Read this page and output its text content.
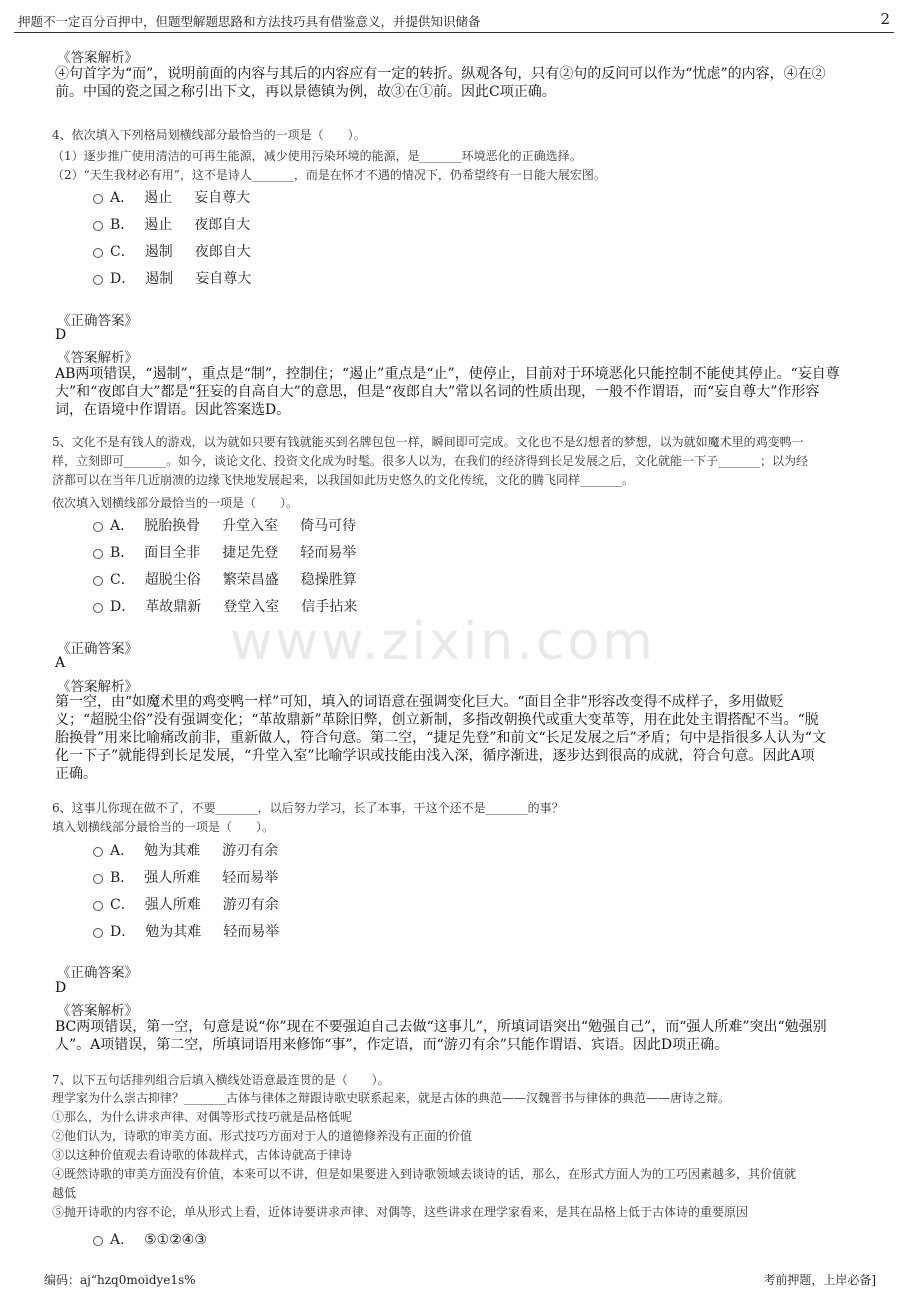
押题不一定百分百押中，但题型解题思路和方法技巧具有借鉴意义，并提供知识储备	2
www.zixin.com
《答案解析》
④句首字为“而”，说明前面的内容与其后的内容应有一定的转折。纵观各句，只有②句的反问可以作为“忧虑”的内容，④在②
前。中国的瓷之国之称引出下文，再以景德镇为例，故③在①前。因此C项正确。
4、依次填入下列格局划横线部分最恰当的一项是（　　）。
（1）逐步推广使用清洁的可再生能源，减少使用污染环境的能源，是_______环境恶化的正确选择。
（2）“天生我材必有用”，这不是诗人_______，而是在怀才不遇的情况下，仍希望终有一日能大展宏图。
A． 遏止 妄自尊大
B． 遏止 夜郎自大
C． 遏制 夜郎自大
D． 遏制 妄自尊大
《正确答案》
D
《答案解析》
AB两项错误，“遏制”，重点是“制”，控制住；“遏止”重点是“止”，使停止，目前对于环境恶化只能控制不能使其停止。“妄自尊
大”和“夜郎自大”都是“狂妄的自高自大”的意思，但是“夜郎自大”常以名词的性质出现，一般不作谓语，而“妄自尊大”作形容
词，在语境中作谓语。因此答案选D。
5、文化不是有钱人的游戏，以为就如只要有钱就能买到名牌包包一样，瞬间即可完成。文化也不是幻想者的梦想，以为就如魔术里的鸡变鸭一
样，立刻即可_______。如今，谈论文化、投资文化成为时髦。很多人以为，在我们的经济得到长足发展之后，文化就能一下子_______；以为经
济都可以在当年几近崩溃的边缘飞快地发展起来，以我国如此历史悠久的文化传统，文化的腾飞同样_______。
依次填入划横线部分最恰当的一项是（　　）。
A． 脱胎换骨 升堂入室 倚马可待
B． 面目全非 捷足先登 轻而易举
C． 超脱尘俗 繁荣昌盛 稳操胜算
D． 革故鼎新 登堂入室 信手拈来
《正确答案》
A
《答案解析》
第一空，由“如魔术里的鸡变鸭一样”可知，填入的词语意在强调变化巨大。“面目全非”形容改变得不成样子，多用做贬
义；“超脱尘俗”没有强调变化；“革故鼎新”革除旧弊，创立新制，多指改朝换代或重大变革等，用在此处主谓搭配不当。“脱
胎换骨”用来比喻痛改前非，重新做人，符合句意。第二空，“捷足先登”和前文“长足发展之后”矛盾；句中是指很多人认为“文
化一下子”就能得到长足发展，“升堂入室”比喻学识或技能由浅入深，循序渐进，逐步达到很高的成就，符合句意。因此A项
正确。
6、这事儿你现在做不了，不要_______，以后努力学习，长了本事，干这个还不是_______的事？
填入划横线部分最恰当的一项是（　　）。
A． 勉为其难 游刃有余
B． 强人所难 轻而易举
C． 强人所难 游刃有余
D． 勉为其难 轻而易举
《正确答案》
D
《答案解析》
BC两项错误，第一空，句意是说“你”现在不要强迫自己去做“这事儿”，所填词语突出“勉强自己”，而“强人所难”突出“勉强别
人”。A项错误，第二空，所填词语用来修饰“事”，作定语，而“游刃有余”只能作谓语、宾语。因此D项正确。
7、以下五句话排列组合后填入横线处语意最连贯的是（　　）。
理学家为什么崇古抑律？_______古体与律体之辩跟诗歌史联系起来，就是古体的典范——汉魏晋书与律体的典范——唐诗之辩。
①那么，为什么讲求声律、对偶等形式技巧就是品格低呢
②他们认为，诗歌的审美方面、形式技巧方面对于人的道德修养没有正面的价值
③以这种价值观去看诗歌的体裁样式，古体诗就高于律诗
④既然诗歌的审美方面没有价值，本来可以不讲，但是如果要进入到诗歌领域去谈诗的话，那么，在形式方面人为的工巧因素越多，其价值就
越低
⑤抛开诗歌的内容不论，单从形式上看，近体诗要讲求声律、对偶等，这些讲求在理学家看来，是其在品格上低于古体诗的重要原因
A． ⑤①②④③
编码：aj“hzq0moidye1s%	考前押题，上岸必备]
